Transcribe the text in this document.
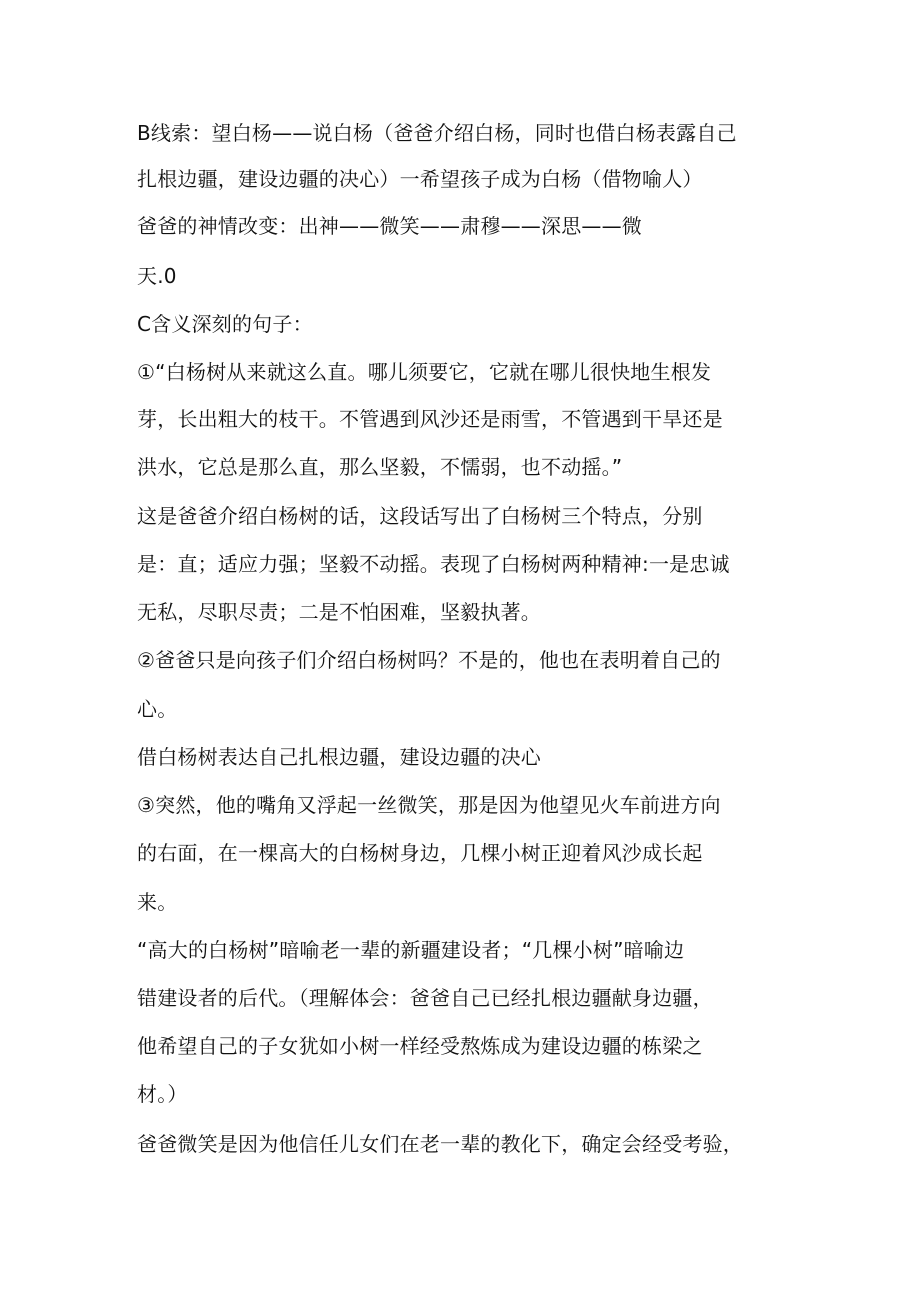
B线索：望白杨——说白杨（爸爸介绍白杨，同时也借白杨表露自己
扎根边疆，建设边疆的决心）一希望孩子成为白杨（借物喻人）
爸爸的神情改变：出神——微笑——肃穆——深思——微
天.0
C含义深刻的句子：
①“白杨树从来就这么直。哪儿须要它，它就在哪儿很快地生根发
芽，长出粗大的枝干。不管遇到风沙还是雨雪，不管遇到干旱还是
洪水，它总是那么直，那么坚毅，不懦弱，也不动摇。”
这是爸爸介绍白杨树的话，这段话写出了白杨树三个特点，分别
是：直；适应力强；坚毅不动摇。表现了白杨树两种精神:一是忠诚
无私，尽职尽责；二是不怕困难，坚毅执著。
②爸爸只是向孩子们介绍白杨树吗？不是的，他也在表明着自己的
心。
借白杨树表达自己扎根边疆，建设边疆的决心
③突然，他的嘴角又浮起一丝微笑，那是因为他望见火车前进方向
的右面，在一棵高大的白杨树身边，几棵小树正迎着风沙成长起
来。
“高大的白杨树”暗喻老一辈的新疆建设者；“几棵小树”暗喻边
错建设者的后代。（理解体会：爸爸自己已经扎根边疆献身边疆，
他希望自己的子女犹如小树一样经受熬炼成为建设边疆的栋梁之
材。）
爸爸微笑是因为他信任儿女们在老一辈的教化下，确定会经受考验，
